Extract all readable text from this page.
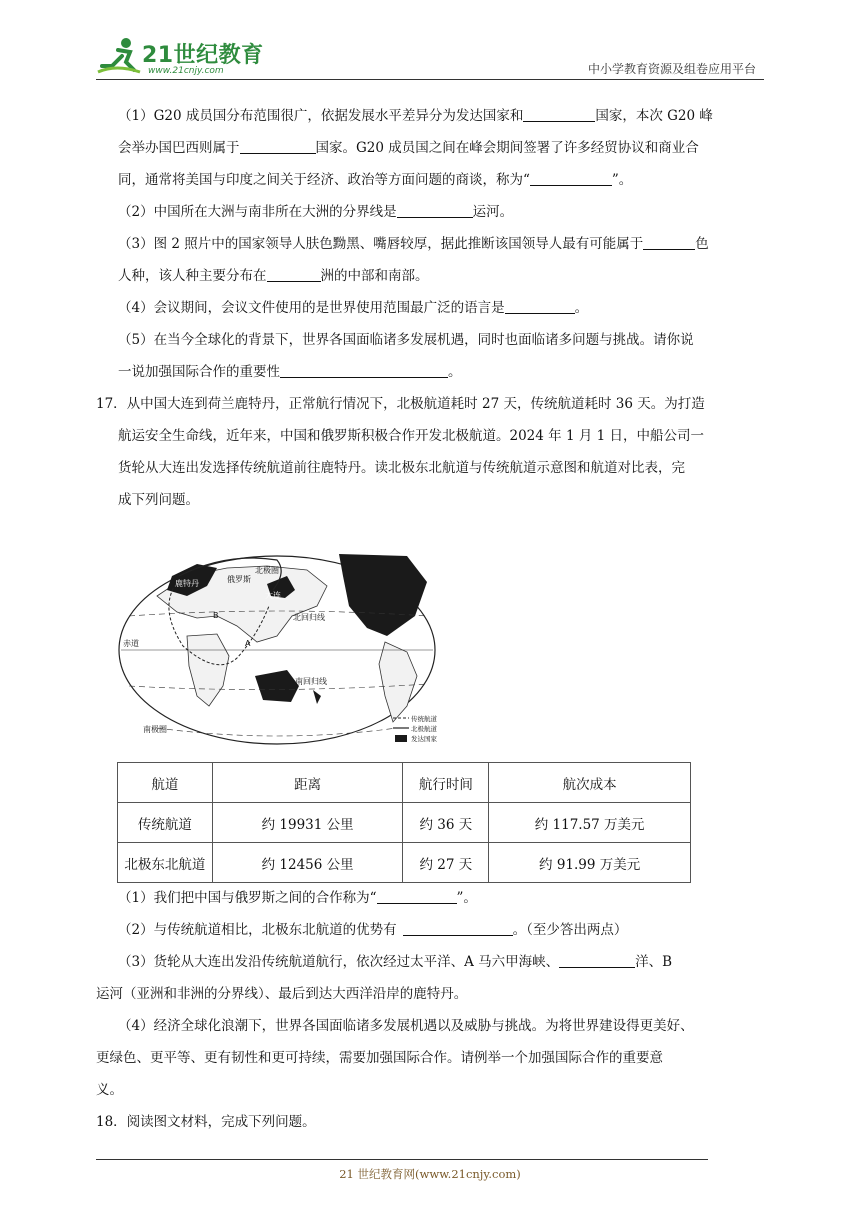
21世纪教育
www.21cnjy.com	中小学教育资源及组卷应用平台

（1）G20 成员国分布范围很广，依据发展水平差异分为发达国家和	国家，本次 G20 峰
会举办国巴西则属于	国家。G20 成员国之间在峰会期间签署了许多经贸协议和商业合
同，通常将美国与印度之间关于经济、政治等方面问题的商谈，称为“	”。

（2）中国所在大洲与南非所在大洲的分界线是	运河。

（3）图 2 照片中的国家领导人肤色黝黑、嘴唇较厚，据此推断该国领导人最有可能属于	色
人种，该人种主要分布在	洲的中部和南部。

（4）会议期间，会议文件使用的是世界使用范围最广泛的语言是	。

（5）在当今全球化的背景下，世界各国面临诸多发展机遇，同时也面临诸多问题与挑战。请你说
一说加强国际合作的重要性	。

17．从中国大连到荷兰鹿特丹，正常航行情况下，北极航道耗时 27 天，传统航道耗时 36 天。为打造
航运安全生命线，近年来，中国和俄罗斯积极合作开发北极航道。2024 年 1 月 1 日，中船公司一
货轮从大连出发选择传统航道前往鹿特丹。读北极东北航道与传统航道示意图和航道对比表，完
成下列问题。

北极圈
俄罗斯
鹿特丹
大连
北回归线
赤道
南回归线
南极圈
A
B
传统航道
北极航道
发达国家
航道	距离	航行时间	航次成本
传统航道	约 19931 公里	约 36 天	约 117.57 万美元
北极东北航道	约 12456 公里	约 27 天	约 91.99 万美元

（1）我们把中国与俄罗斯之间的合作称为“	”。

（2）与传统航道相比，北极东北航道的优势有	。（至少答出两点）

（3）货轮从大连出发沿传统航道航行，依次经过太平洋、A 马六甲海峡、	洋、B
运河（亚洲和非洲的分界线）、最后到达大西洋沿岸的鹿特丹。

（4）经济全球化浪潮下，世界各国面临诸多发展机遇以及威胁与挑战。为将世界建设得更美好、
更绿色、更平等、更有韧性和更可持续，需要加强国际合作。请例举一个加强国际合作的重要意
义。

18．阅读图文材料，完成下列问题。

21 世纪教育网(www.21cnjy.com)
